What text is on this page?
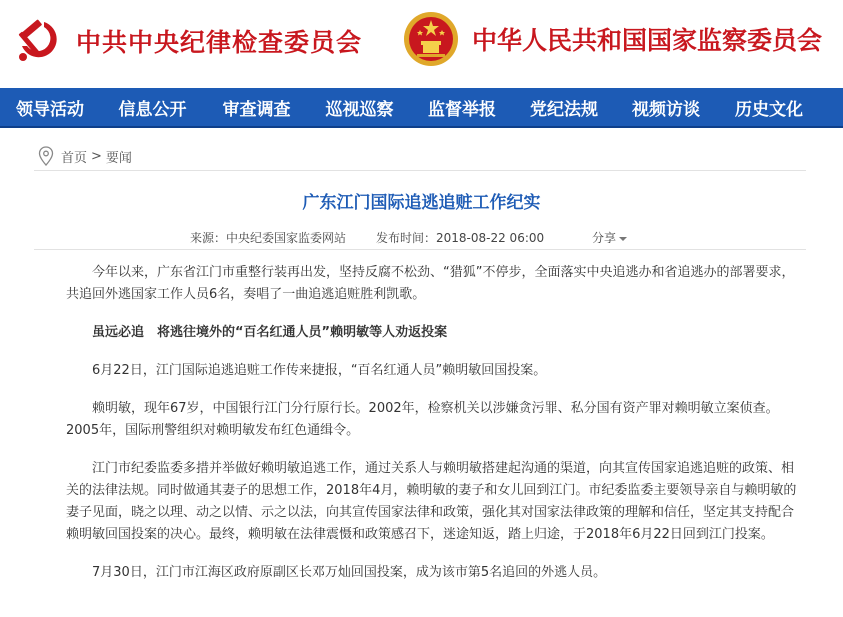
中共中央纪律检查委员会	中华人民共和国国家监察委员会
领导活动	信息公开	审查调查	巡视巡察	监督举报	党纪法规	视频访谈	历史文化
首页 > 要闻
广东江门国际追逃追赃工作纪实
来源：中央纪委国家监委网站 发布时间：2018-08-22 06:00	分享

今年以来，广东省江门市重整行装再出发，坚持反腐不松劲、“猎狐”不停步，全面落实中央追逃办和省追逃办的部署要求，共追回外逃国家工作人员6名，奏唱了一曲追逃追赃胜利凯歌。

虽远必追　将逃往境外的“百名红通人员”赖明敏等人劝返投案

6月22日，江门国际追逃追赃工作传来捷报，“百名红通人员”赖明敏回国投案。

赖明敏，现年67岁，中国银行江门分行原行长。2002年，检察机关以涉嫌贪污罪、私分国有资产罪对赖明敏立案侦查。2005年，国际刑警组织对赖明敏发布红色通缉令。

江门市纪委监委多措并举做好赖明敏追逃工作，通过关系人与赖明敏搭建起沟通的渠道，向其宣传国家追逃追赃的政策、相关的法律法规。同时做通其妻子的思想工作，2018年4月，赖明敏的妻子和女儿回到江门。市纪委监委主要领导亲自与赖明敏的妻子见面，晓之以理、动之以情、示之以法，向其宣传国家法律和政策，强化其对国家法律政策的理解和信任，坚定其支持配合赖明敏回国投案的决心。最终，赖明敏在法律震慑和政策感召下，迷途知返，踏上归途，于2018年6月22日回到江门投案。

7月30日，江门市江海区政府原副区长邓万灿回国投案，成为该市第5名追回的外逃人员。
